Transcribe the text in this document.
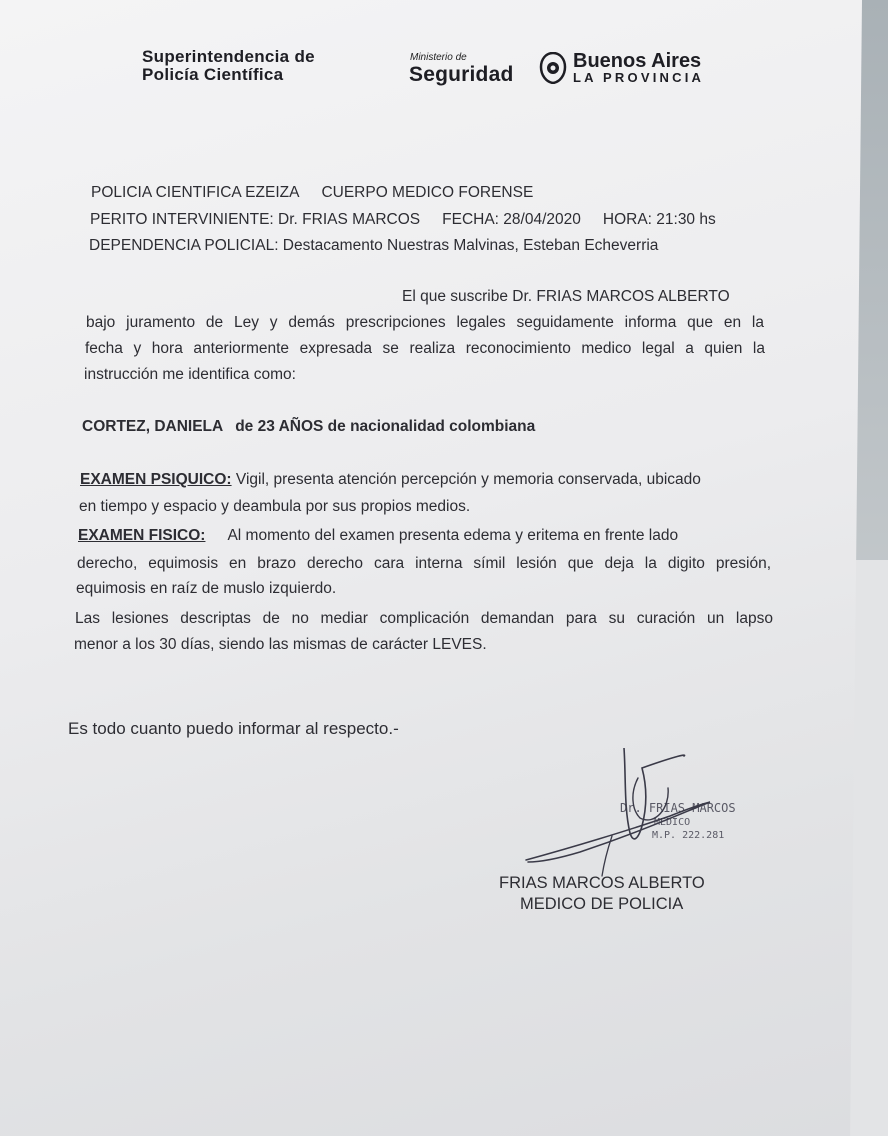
Superintendencia de
Policía Científica
Ministerio de
Seguridad
Buenos Aires
LA PROVINCIA
POLICIA CIENTIFICA EZEIZA CUERPO MEDICO FORENSE
PERITO INTERVINIENTE: Dr. FRIAS MARCOS FECHA: 28/04/2020 HORA: 21:30 hs
DEPENDENCIA POLICIAL: Destacamento Nuestras Malvinas, Esteban Echeverria
El que suscribe Dr. FRIAS MARCOS ALBERTO
bajo juramento de Ley y demás prescripciones legales seguidamente informa que en la
fecha y hora anteriormente expresada se realiza reconocimiento medico legal a quien la
instrucción me identifica como:
CORTEZ, DANIELA de 23 AÑOS de nacionalidad colombiana
EXAMEN PSIQUICO: Vigil, presenta atención percepción y memoria conservada, ubicado
en tiempo y espacio y deambula por sus propios medios.
EXAMEN FISICO: Al momento del examen presenta edema y eritema en frente lado
derecho, equimosis en brazo derecho cara interna símil lesión que deja la digito presión,
equimosis en raíz de muslo izquierdo.
Las lesiones descriptas de no mediar complicación demandan para su curación un lapso
menor a los 30 días, siendo las mismas de carácter LEVES.
Es todo cuanto puedo informar al respecto.-
Dr. FRIAS MARCOS
MEDICO
M.P. 222.281
FRIAS MARCOS ALBERTO
MEDICO DE POLICIA
